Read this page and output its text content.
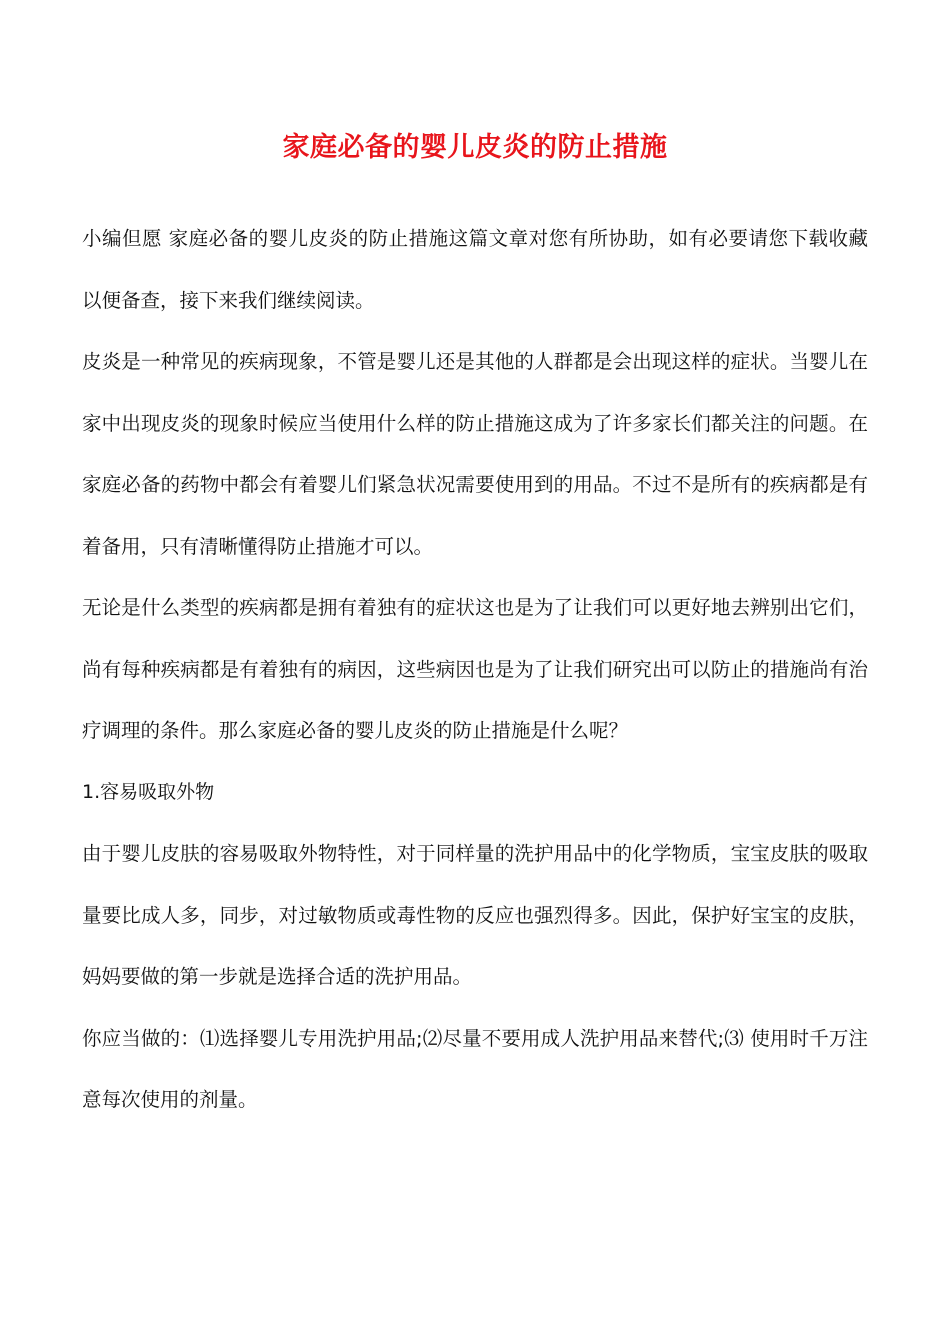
家庭必备的婴儿皮炎的防止措施

小编但愿 家庭必备的婴儿皮炎的防止措施这篇文章对您有所协助，如有必要请您下载收藏以便备查，接下来我们继续阅读。

皮炎是一种常见的疾病现象，不管是婴儿还是其他的人群都是会出现这样的症状。当婴儿在家中出现皮炎的现象时候应当使用什么样的防止措施这成为了许多家长们都关注的问题。在家庭必备的药物中都会有着婴儿们紧急状况需要使用到的用品。不过不是所有的疾病都是有着备用，只有清晰懂得防止措施才可以。

无论是什么类型的疾病都是拥有着独有的症状这也是为了让我们可以更好地去辨别出它们，尚有每种疾病都是有着独有的病因，这些病因也是为了让我们研究出可以防止的措施尚有治疗调理的条件。那么家庭必备的婴儿皮炎的防止措施是什么呢？

1.容易吸取外物

由于婴儿皮肤的容易吸取外物特性，对于同样量的洗护用品中的化学物质，宝宝皮肤的吸取量要比成人多，同步，对过敏物质或毒性物的反应也强烈得多。因此，保护好宝宝的皮肤，妈妈要做的第一步就是选择合适的洗护用品。

你应当做的：⑴选择婴儿专用洗护用品;⑵尽量不要用成人洗护用品来替代;⑶ 使用时千万注意每次使用的剂量。
